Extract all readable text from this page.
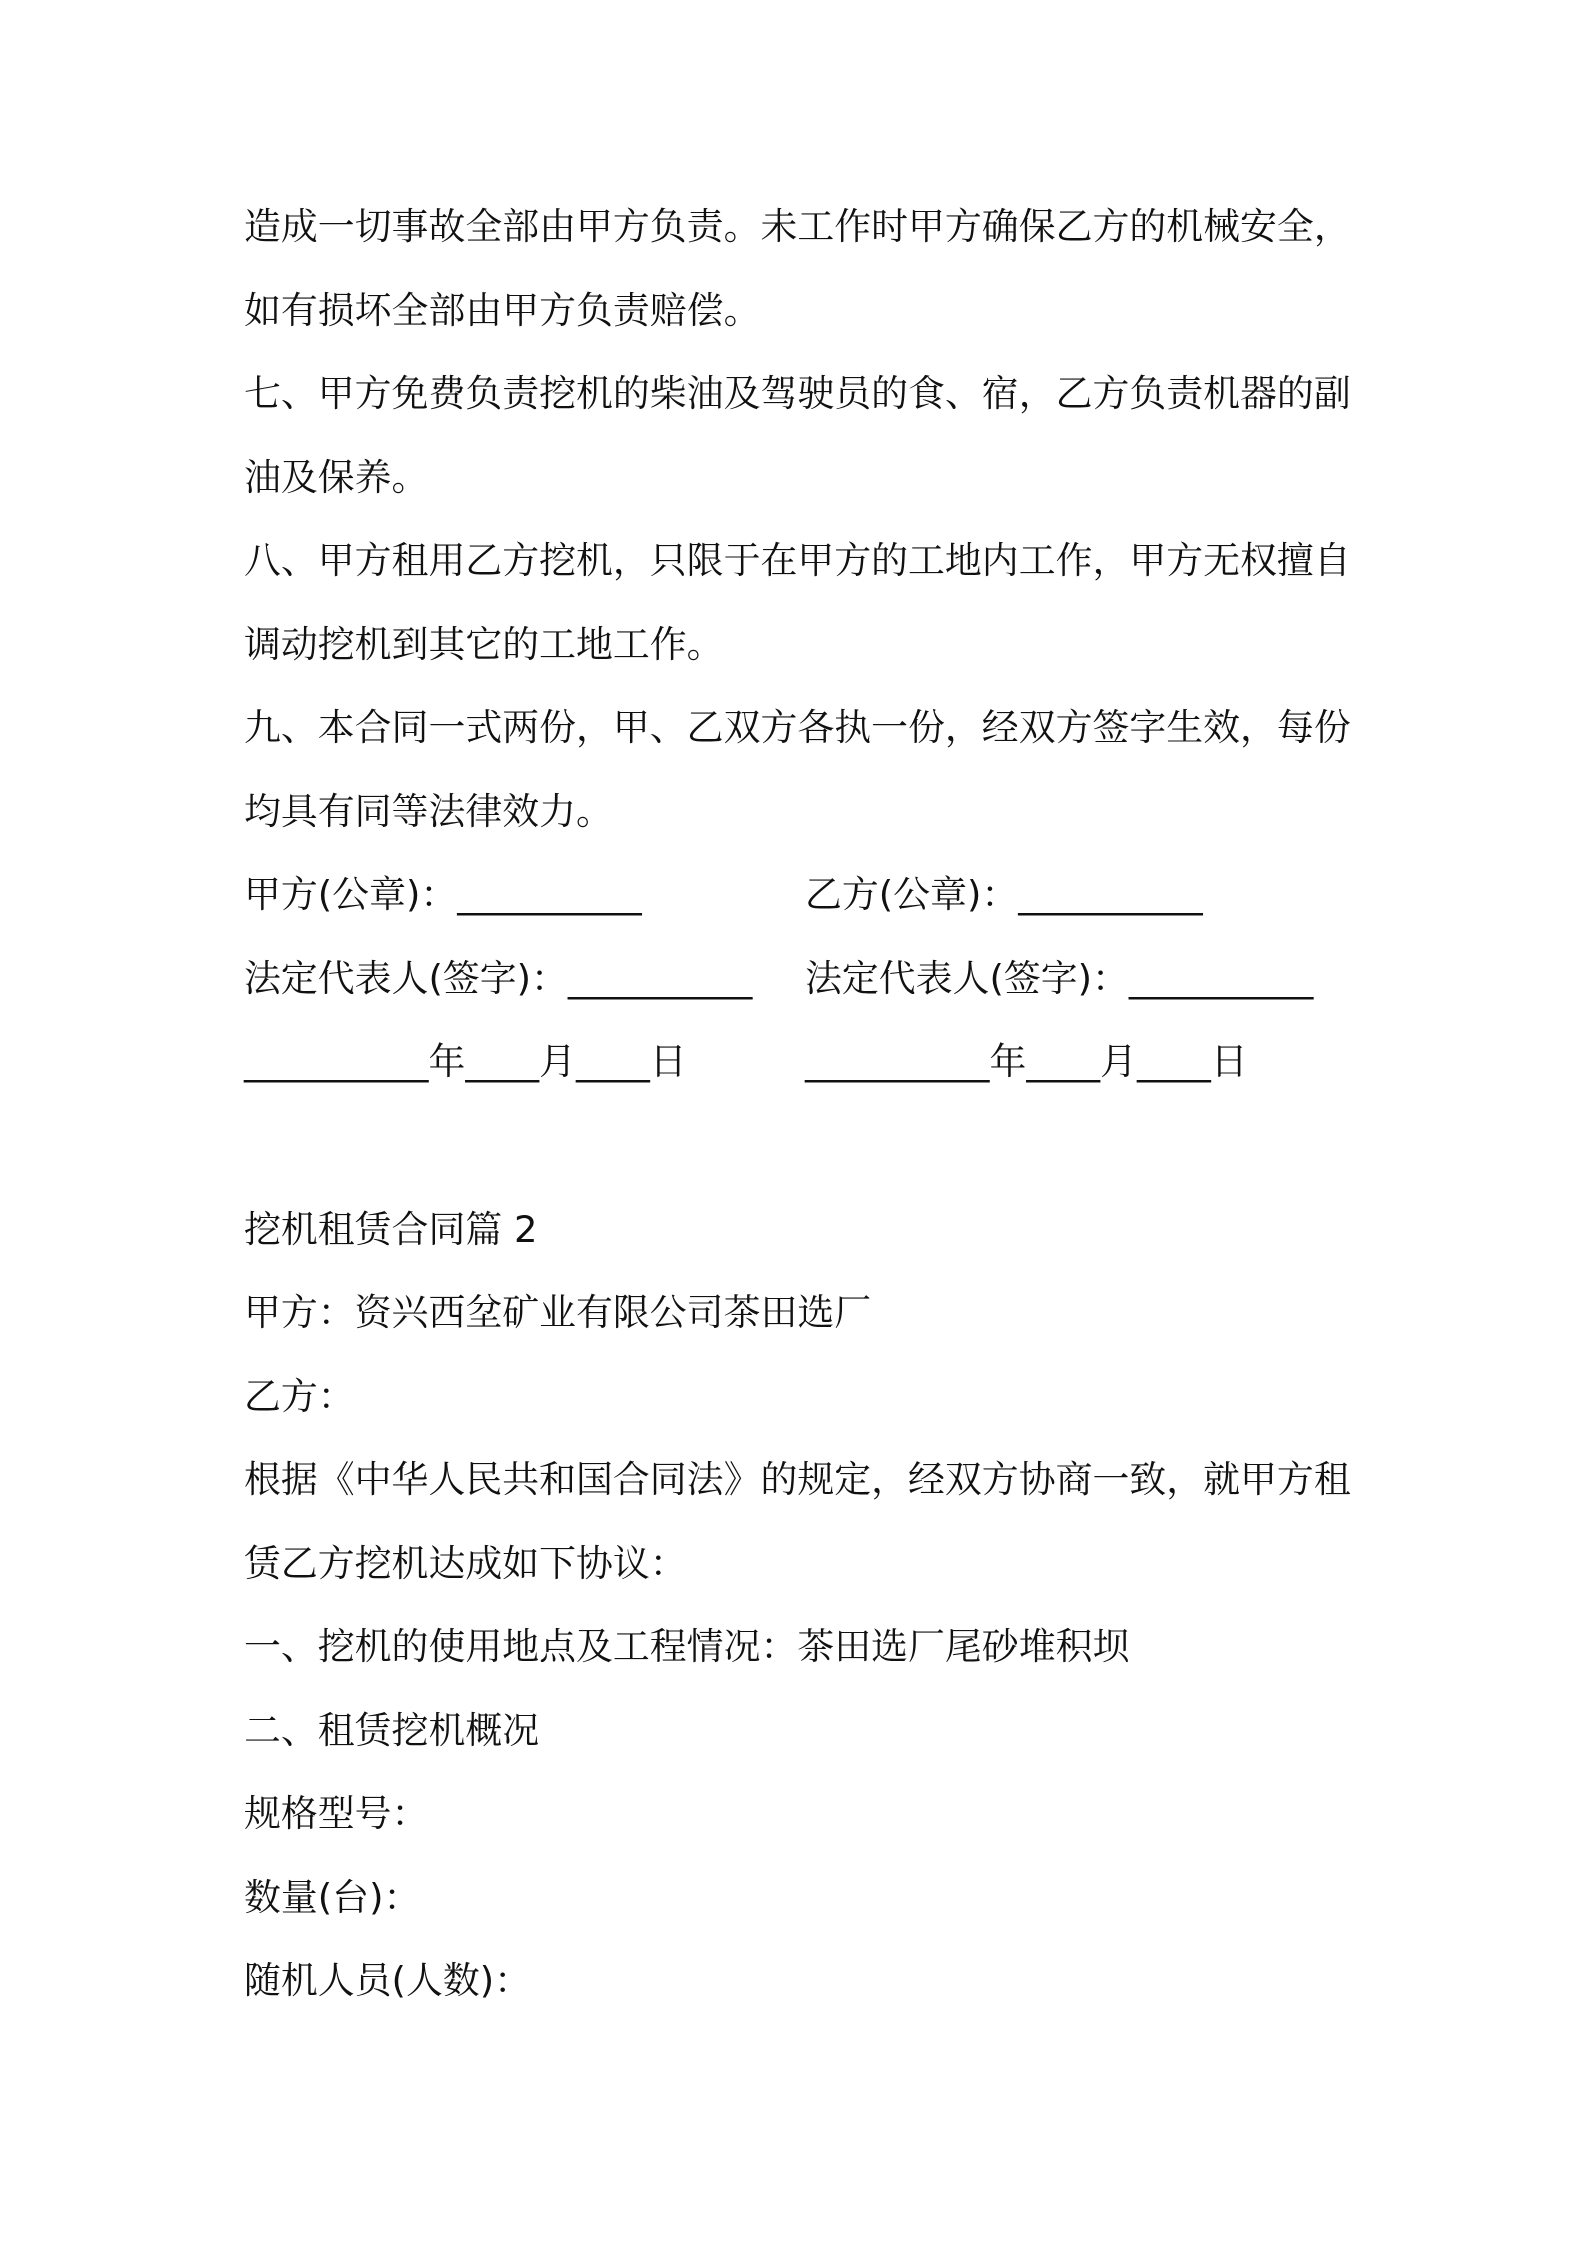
造成一切事故全部由甲方负责。未工作时甲方确保乙方的机械安全，
如有损坏全部由甲方负责赔偿。
七、甲方免费负责挖机的柴油及驾驶员的食、宿，乙方负责机器的副
油及保养。
八、甲方租用乙方挖机，只限于在甲方的工地内工作，甲方无权擅自
调动挖机到其它的工地工作。
九、本合同一式两份，甲、乙双方各执一份，经双方签字生效，每份
均具有同等法律效力。
甲方(公章)：__________	乙方(公章)：__________
法定代表人(签字)：__________	法定代表人(签字)：__________
__________年____月____日	__________年____月____日
挖机租赁合同篇 2
甲方：资兴西坌矿业有限公司茶田选厂
乙方：
根据《中华人民共和国合同法》的规定，经双方协商一致，就甲方租
赁乙方挖机达成如下协议：
一、挖机的使用地点及工程情况：茶田选厂尾砂堆积坝
二、租赁挖机概况
规格型号：
数量(台)：
随机人员(人数)：
